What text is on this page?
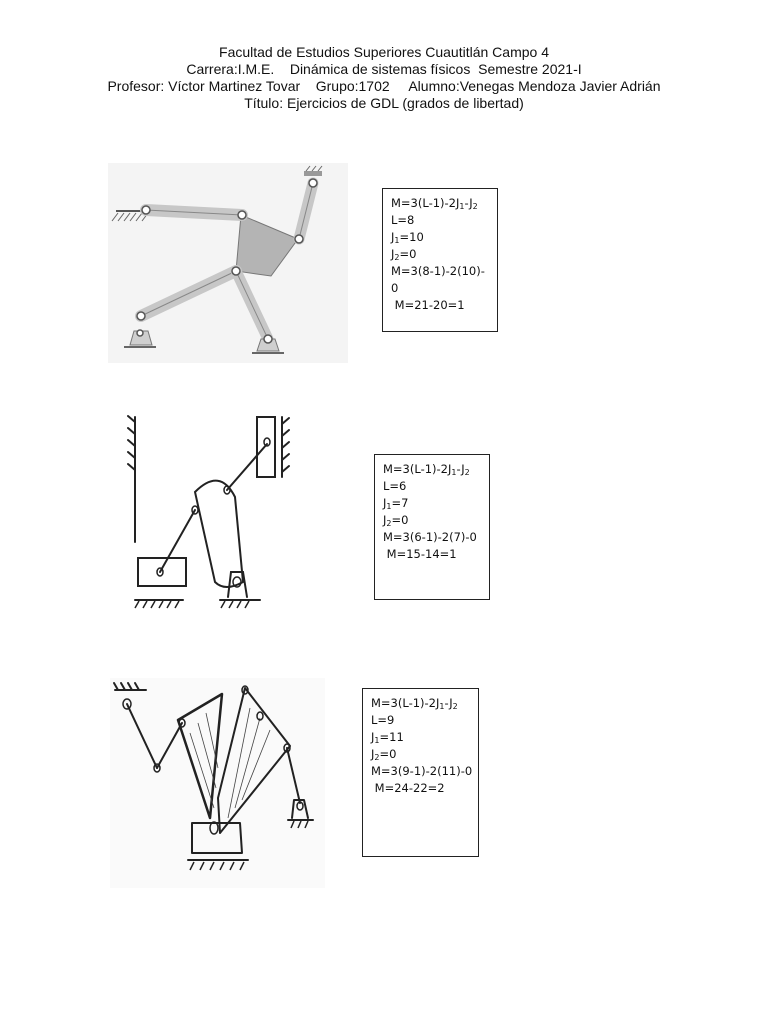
Facultad de Estudios Superiores Cuautitlán Campo 4
Carrera:I.M.E.    Dinámica de sistemas físicos  Semestre 2021-I
Profesor: Víctor Martinez Tovar    Grupo:1702     Alumno:Venegas Mendoza Javier Adrián
Título: Ejercicios de GDL (grados de libertad)
$M=3(L-1)-2J_1-J_2$
L=8
$J_1=10$
$J_2=0$
M=3(8-1)-2(10)-
0
M=21-20=1
$M=3(L-1)-2J_1-J_2$
L=6
$J_1=7$
$J_2=0$
M=3(6-1)-2(7)-0
M=15-14=1
$M=3(L-1)-2J_1-J_2$
L=9
$J_1=11$
$J_2=0$
M=3(9-1)-2(11)-0
M=24-22=2
